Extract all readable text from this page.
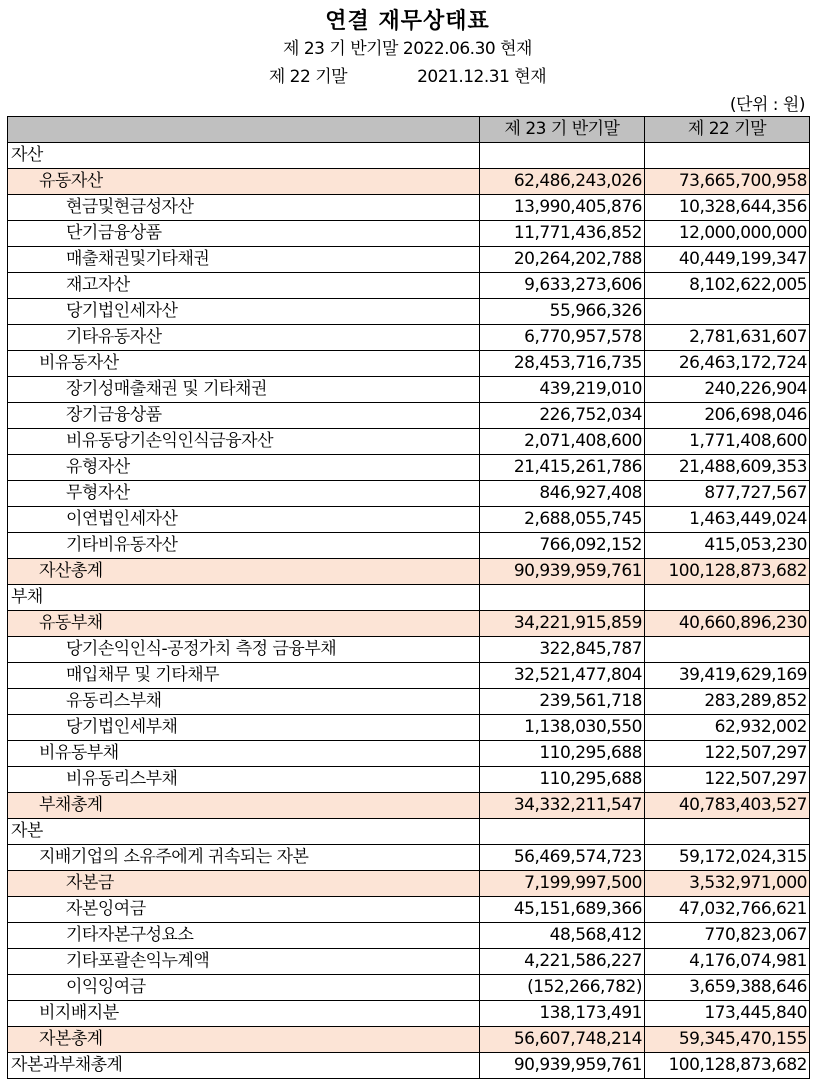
연결 재무상태표
제 23 기 반기말 2022.06.30 현재
제 22 기말	2021.12.31 현재
(단위 : 원)
	제 23 기 반기말	제 22 기말
자산		
유동자산	62,486,243,026	73,665,700,958
현금및현금성자산	13,990,405,876	10,328,644,356
단기금융상품	11,771,436,852	12,000,000,000
매출채권및기타채권	20,264,202,788	40,449,199,347
재고자산	9,633,273,606	8,102,622,005
당기법인세자산	55,966,326	
기타유동자산	6,770,957,578	2,781,631,607
비유동자산	28,453,716,735	26,463,172,724
장기성매출채권 및 기타채권	439,219,010	240,226,904
장기금융상품	226,752,034	206,698,046
비유동당기손익인식금융자산	2,071,408,600	1,771,408,600
유형자산	21,415,261,786	21,488,609,353
무형자산	846,927,408	877,727,567
이연법인세자산	2,688,055,745	1,463,449,024
기타비유동자산	766,092,152	415,053,230
자산총계	90,939,959,761	100,128,873,682
부채		
유동부채	34,221,915,859	40,660,896,230
당기손익인식-공정가치 측정 금융부채	322,845,787	
매입채무 및 기타채무	32,521,477,804	39,419,629,169
유동리스부채	239,561,718	283,289,852
당기법인세부채	1,138,030,550	62,932,002
비유동부채	110,295,688	122,507,297
비유동리스부채	110,295,688	122,507,297
부채총계	34,332,211,547	40,783,403,527
자본		
지배기업의 소유주에게 귀속되는 자본	56,469,574,723	59,172,024,315
자본금	7,199,997,500	3,532,971,000
자본잉여금	45,151,689,366	47,032,766,621
기타자본구성요소	48,568,412	770,823,067
기타포괄손익누계액	4,221,586,227	4,176,074,981
이익잉여금	(152,266,782)	3,659,388,646
비지배지분	138,173,491	173,445,840
자본총계	56,607,748,214	59,345,470,155
자본과부채총계	90,939,959,761	100,128,873,682
